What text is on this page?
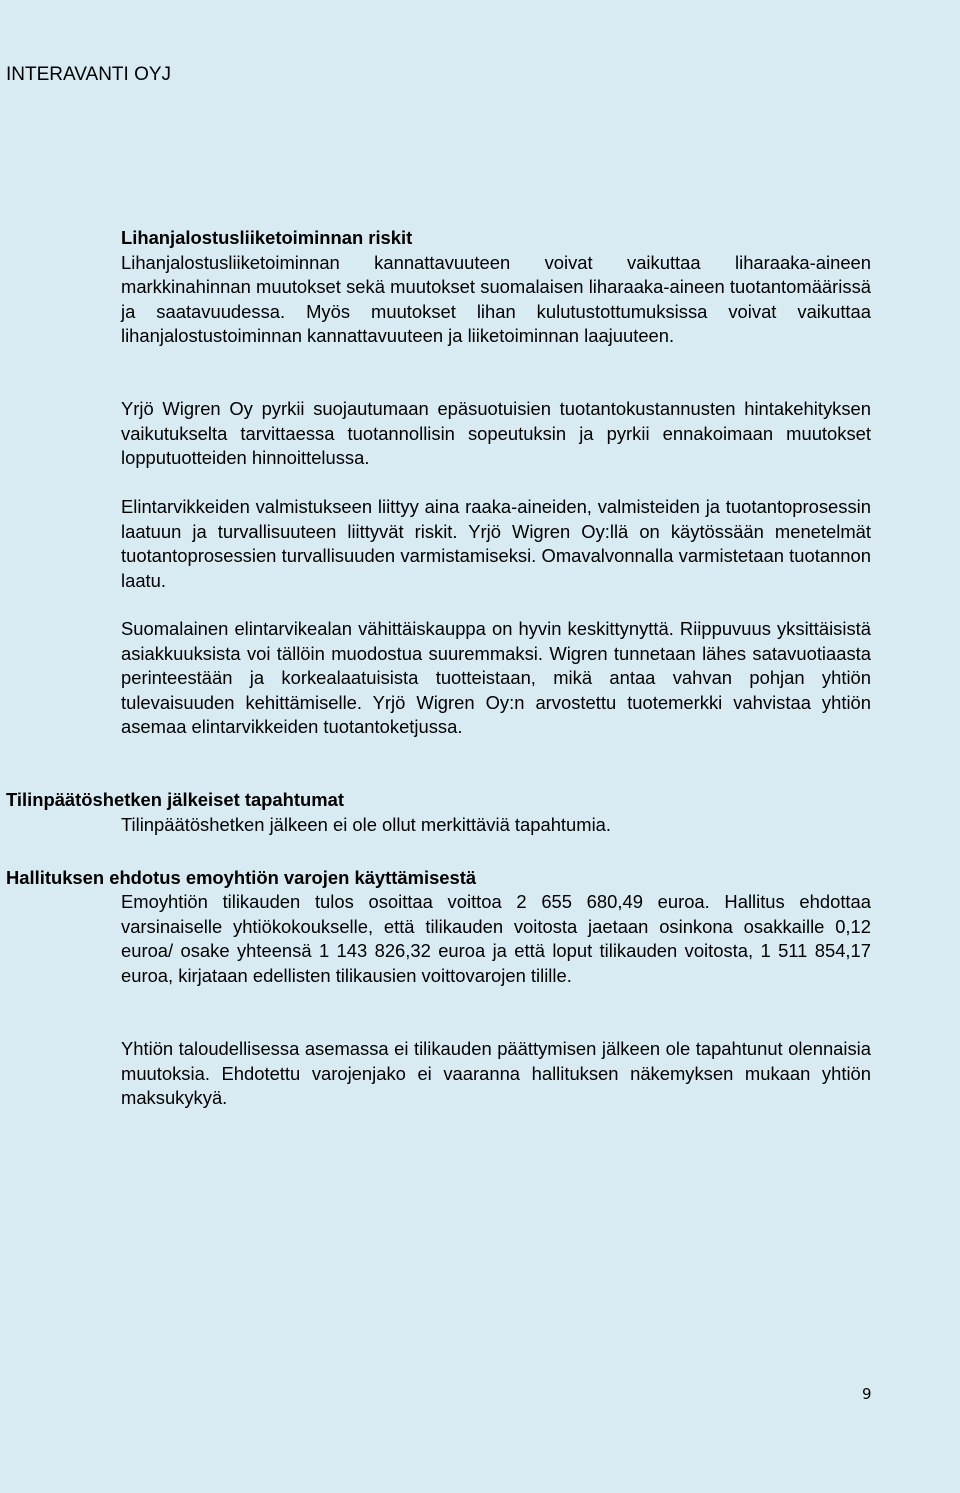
INTERAVANTI OYJ
Lihanjalostusliiketoiminnan riskit
Lihanjalostusliiketoiminnan kannattavuuteen voivat vaikuttaa liharaaka-aineen markkinahinnan muutokset sekä muutokset suomalaisen liharaaka-aineen tuotantomäärissä ja saatavuudessa. Myös muutokset lihan kulutustottumuksissa voivat vaikuttaa lihanjalostustoiminnan kannattavuuteen ja liiketoiminnan laajuuteen.

Yrjö Wigren Oy pyrkii suojautumaan epäsuotuisien tuotantokustannusten hintakehityksen vaikutukselta tarvittaessa tuotannollisin sopeutuksin ja pyrkii ennakoimaan muutokset lopputuotteiden hinnoittelussa.

Elintarvikkeiden valmistukseen liittyy aina raaka-aineiden, valmisteiden ja tuotantoprosessin laatuun ja turvallisuuteen liittyvät riskit. Yrjö Wigren Oy:llä on käytössään menetelmät tuotantoprosessien turvallisuuden varmistamiseksi. Omavalvonnalla varmistetaan tuotannon laatu.

Suomalainen elintarvikealan vähittäiskauppa on hyvin keskittynyttä. Riippuvuus yksittäisistä asiakkuuksista voi tällöin muodostua suuremmaksi. Wigren tunnetaan lähes satavuotiaasta perinteestään ja korkealaatuisista tuotteistaan, mikä antaa vahvan pohjan yhtiön tulevaisuuden kehittämiselle. Yrjö Wigren Oy:n arvostettu tuotemerkki vahvistaa yhtiön asemaa elintarvikkeiden tuotantoketjussa.

Tilinpäätöshetken jälkeiset tapahtumat

Tilinpäätöshetken jälkeen ei ole ollut merkittäviä tapahtumia.

Hallituksen ehdotus emoyhtiön varojen käyttämisestä

Emoyhtiön tilikauden tulos osoittaa voittoa 2 655 680,49 euroa. Hallitus ehdottaa varsinaiselle yhtiökokoukselle, että tilikauden voitosta jaetaan osinkona osakkaille 0,12 euroa/ osake yhteensä 1 143 826,32 euroa ja että loput tilikauden voitosta, 1 511 854,17 euroa, kirjataan edellisten tilikausien voittovarojen tilille.

Yhtiön taloudellisessa asemassa ei tilikauden päättymisen jälkeen ole tapahtunut olennaisia muutoksia. Ehdotettu varojenjako ei vaaranna hallituksen näkemyksen mukaan yhtiön maksukykyä.

9
